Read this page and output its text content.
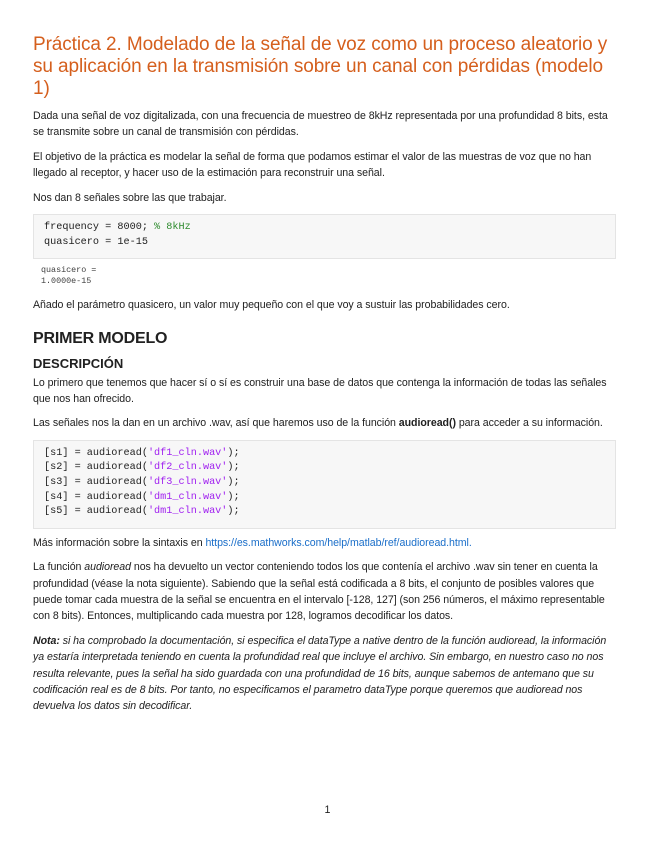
Práctica 2. Modelado de la señal de voz como un proceso aleatorio y su aplicación en la transmisión sobre un canal con pérdidas (modelo 1)

Dada una señal de voz digitalizada, con una frecuencia de muestreo de 8kHz representada por una profundidad 8 bits, esta se transmite sobre un canal de transmisión con pérdidas.

El objetivo de la práctica es modelar la señal de forma que podamos estimar el valor de las muestras de voz que no han llegado al receptor, y hacer uso de la estimación para reconstruir una señal.

Nos dan 8 señales sobre las que trabajar.

frequency = 8000; % 8kHz
quasicero = 1e-15
quasicero =
1.0000e-15

Añado el parámetro quasicero, un valor muy pequeño con el que voy a sustuir las probabilidades cero.

PRIMER MODELO
DESCRIPCIÓN

Lo primero que tenemos que hacer sí o sí es construir una base de datos que contenga la información de todas las señales que nos han ofrecido.

Las señales nos la dan en un archivo .wav, así que haremos uso de la función audioread() para acceder a su información.

[s1] = audioread('df1_cln.wav');
[s2] = audioread('df2_cln.wav');
[s3] = audioread('df3_cln.wav');
[s4] = audioread('dm1_cln.wav');
[s5] = audioread('dm1_cln.wav');

Más información sobre la sintaxis en https://es.mathworks.com/help/matlab/ref/audioread.html.

La función audioread nos ha devuelto un vector conteniendo todos los que contenía el archivo .wav sin tener en cuenta la profundidad (véase la nota siguiente). Sabiendo que la señal está codificada a 8 bits, el conjunto de posibles valores que puede tomar cada muestra de la señal se encuentra en el intervalo [-128, 127] (son 256 números, el máximo representable con 8 bits). Entonces, multiplicando cada muestra por 128, logramos decodificar los datos.

Nota: si ha comprobado la documentación, si especifica el dataType a native dentro de la función audioread, la información ya estaría interpretada teniendo en cuenta la profundidad real que incluye el archivo. Sin embargo, en nuestro caso no nos resulta relevante, pues la señal ha sido guardada con una profundidad de 16 bits, aunque sabemos de antemano que su codificación real es de 8 bits. Por tanto, no especificamos el parametro dataType porque queremos que audioread nos devuelva los datos sin decodificar.

1
